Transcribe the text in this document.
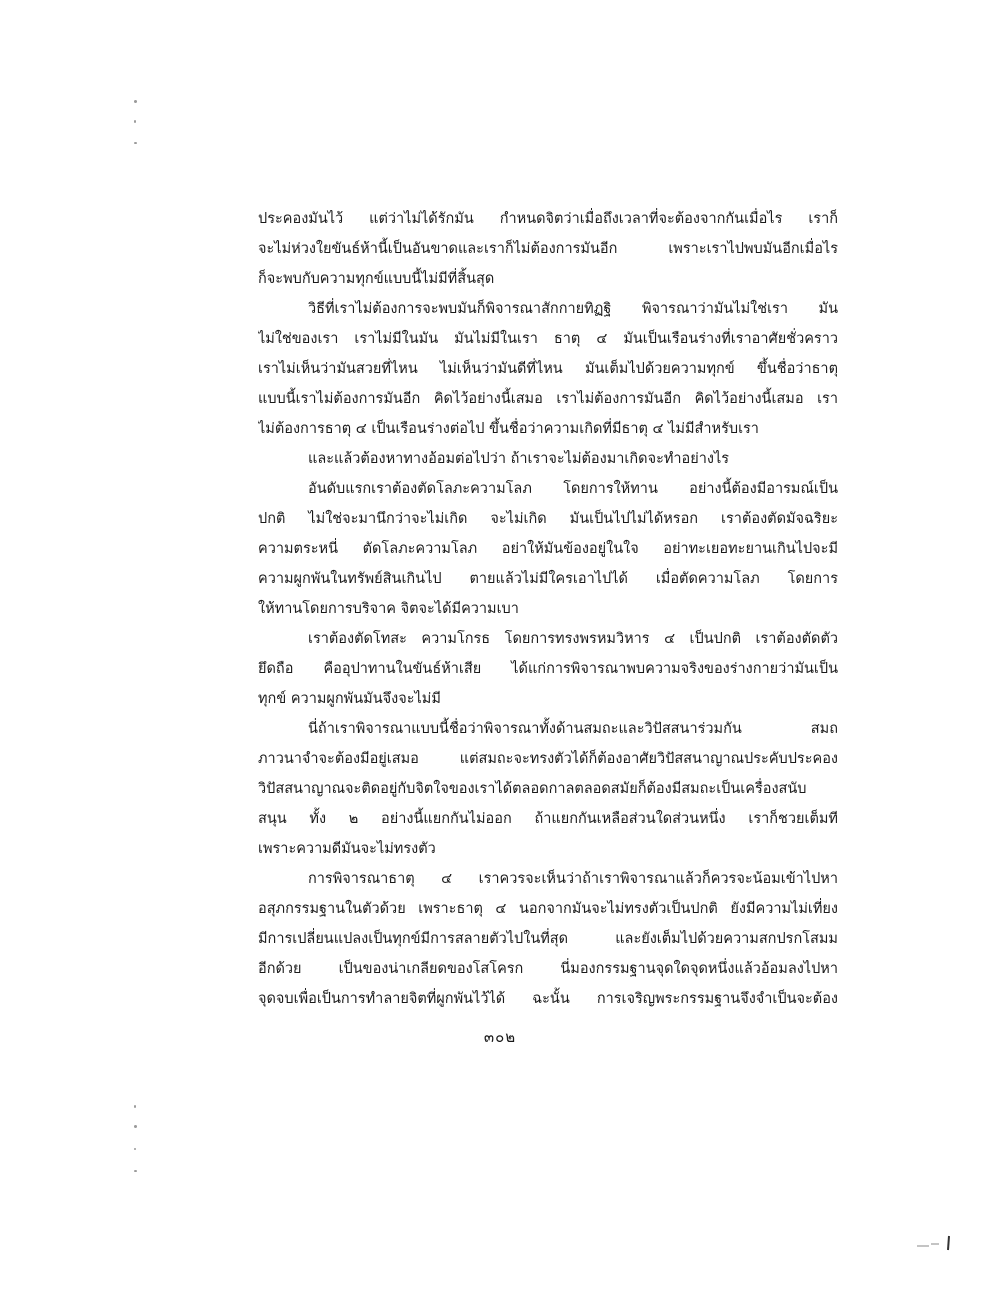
ประคองมันไว้ แต่ว่าไม่ได้รักมัน กำหนดจิตว่าเมื่อถึงเวลาที่จะต้องจากกันเมื่อไร เราก็
จะไม่ห่วงใยขันธ์ห้านี้เป็นอันขาดและเราก็ไม่ต้องการมันอีก เพราะเราไปพบมันอีกเมื่อไร
ก็จะพบกับความทุกข์แบบนี้ไม่มีที่สิ้นสุด
วิธีที่เราไม่ต้องการจะพบมันก็พิจารณาสักกายทิฏฐิ พิจารณาว่ามันไม่ใช่เรา มัน
ไม่ใช่ของเรา เราไม่มีในมัน มันไม่มีในเรา ธาตุ ๔ มันเป็นเรือนร่างที่เราอาศัยชั่วคราว
เราไม่เห็นว่ามันสวยที่ไหน ไม่เห็นว่ามันดีที่ไหน มันเต็มไปด้วยความทุกข์ ขึ้นชื่อว่าธาตุ
แบบนี้เราไม่ต้องการมันอีก คิดไว้อย่างนี้เสมอ เราไม่ต้องการมันอีก คิดไว้อย่างนี้เสมอ เรา
ไม่ต้องการธาตุ ๔ เป็นเรือนร่างต่อไป ขึ้นชื่อว่าความเกิดที่มีธาตุ ๔ ไม่มีสำหรับเรา
และแล้วต้องหาทางอ้อมต่อไปว่า ถ้าเราจะไม่ต้องมาเกิดจะทำอย่างไร
อันดับแรกเราต้องตัดโลภะความโลภ โดยการให้ทาน อย่างนี้ต้องมีอารมณ์เป็น
ปกติ ไม่ใช่จะมานึกว่าจะไม่เกิด จะไม่เกิด มันเป็นไปไม่ได้หรอก เราต้องตัดมัจฉริยะ
ความตระหนี่ ตัดโลภะความโลภ อย่าให้มันข้องอยู่ในใจ อย่าทะเยอทะยานเกินไปจะมี
ความผูกพันในทรัพย์สินเกินไป ตายแล้วไม่มีใครเอาไปได้ เมื่อตัดความโลภ โดยการ
ให้ทานโดยการบริจาค จิตจะได้มีความเบา
เราต้องตัดโทสะ ความโกรธ โดยการทรงพรหมวิหาร ๔ เป็นปกติ เราต้องตัดตัว
ยึดถือ คืออุปาทานในขันธ์ห้าเสีย ได้แก่การพิจารณาพบความจริงของร่างกายว่ามันเป็น
ทุกข์ ความผูกพันมันจึงจะไม่มี
นี่ถ้าเราพิจารณาแบบนี้ชื่อว่าพิจารณาทั้งด้านสมถะและวิปัสสนาร่วมกัน สมถ
ภาวนาจำจะต้องมีอยู่เสมอ แต่สมถะจะทรงตัวได้ก็ต้องอาศัยวิปัสสนาญาณประคับประคอง
วิปัสสนาญาณจะติดอยู่กับจิตใจของเราได้ตลอดกาลตลอดสมัยก็ต้องมีสมถะเป็นเครื่องสนับ
สนุน ทั้ง ๒ อย่างนี้แยกกันไม่ออก ถ้าแยกกันเหลือส่วนใดส่วนหนึ่ง เราก็ชวยเต็มที
เพราะความดีมันจะไม่ทรงตัว
การพิจารณาธาตุ ๔ เราควรจะเห็นว่าถ้าเราพิจารณาแล้วก็ควรจะน้อมเข้าไปหา
อสุภกรรมฐานในตัวด้วย เพราะธาตุ ๔ นอกจากมันจะไม่ทรงตัวเป็นปกติ ยังมีความไม่เที่ยง
มีการเปลี่ยนแปลงเป็นทุกข์มีการสลายตัวไปในที่สุด และยังเต็มไปด้วยความสกปรกโสมม
อีกด้วย เป็นของน่าเกลียดของโสโครก นี่มองกรรมฐานจุดใดจุดหนึ่งแล้วอ้อมลงไปหา
จุดจบเพื่อเป็นการทำลายจิตที่ผูกพันไว้ได้ ฉะนั้น การเจริญพระกรรมฐานจึงจำเป็นจะต้อง
๓๐๒
